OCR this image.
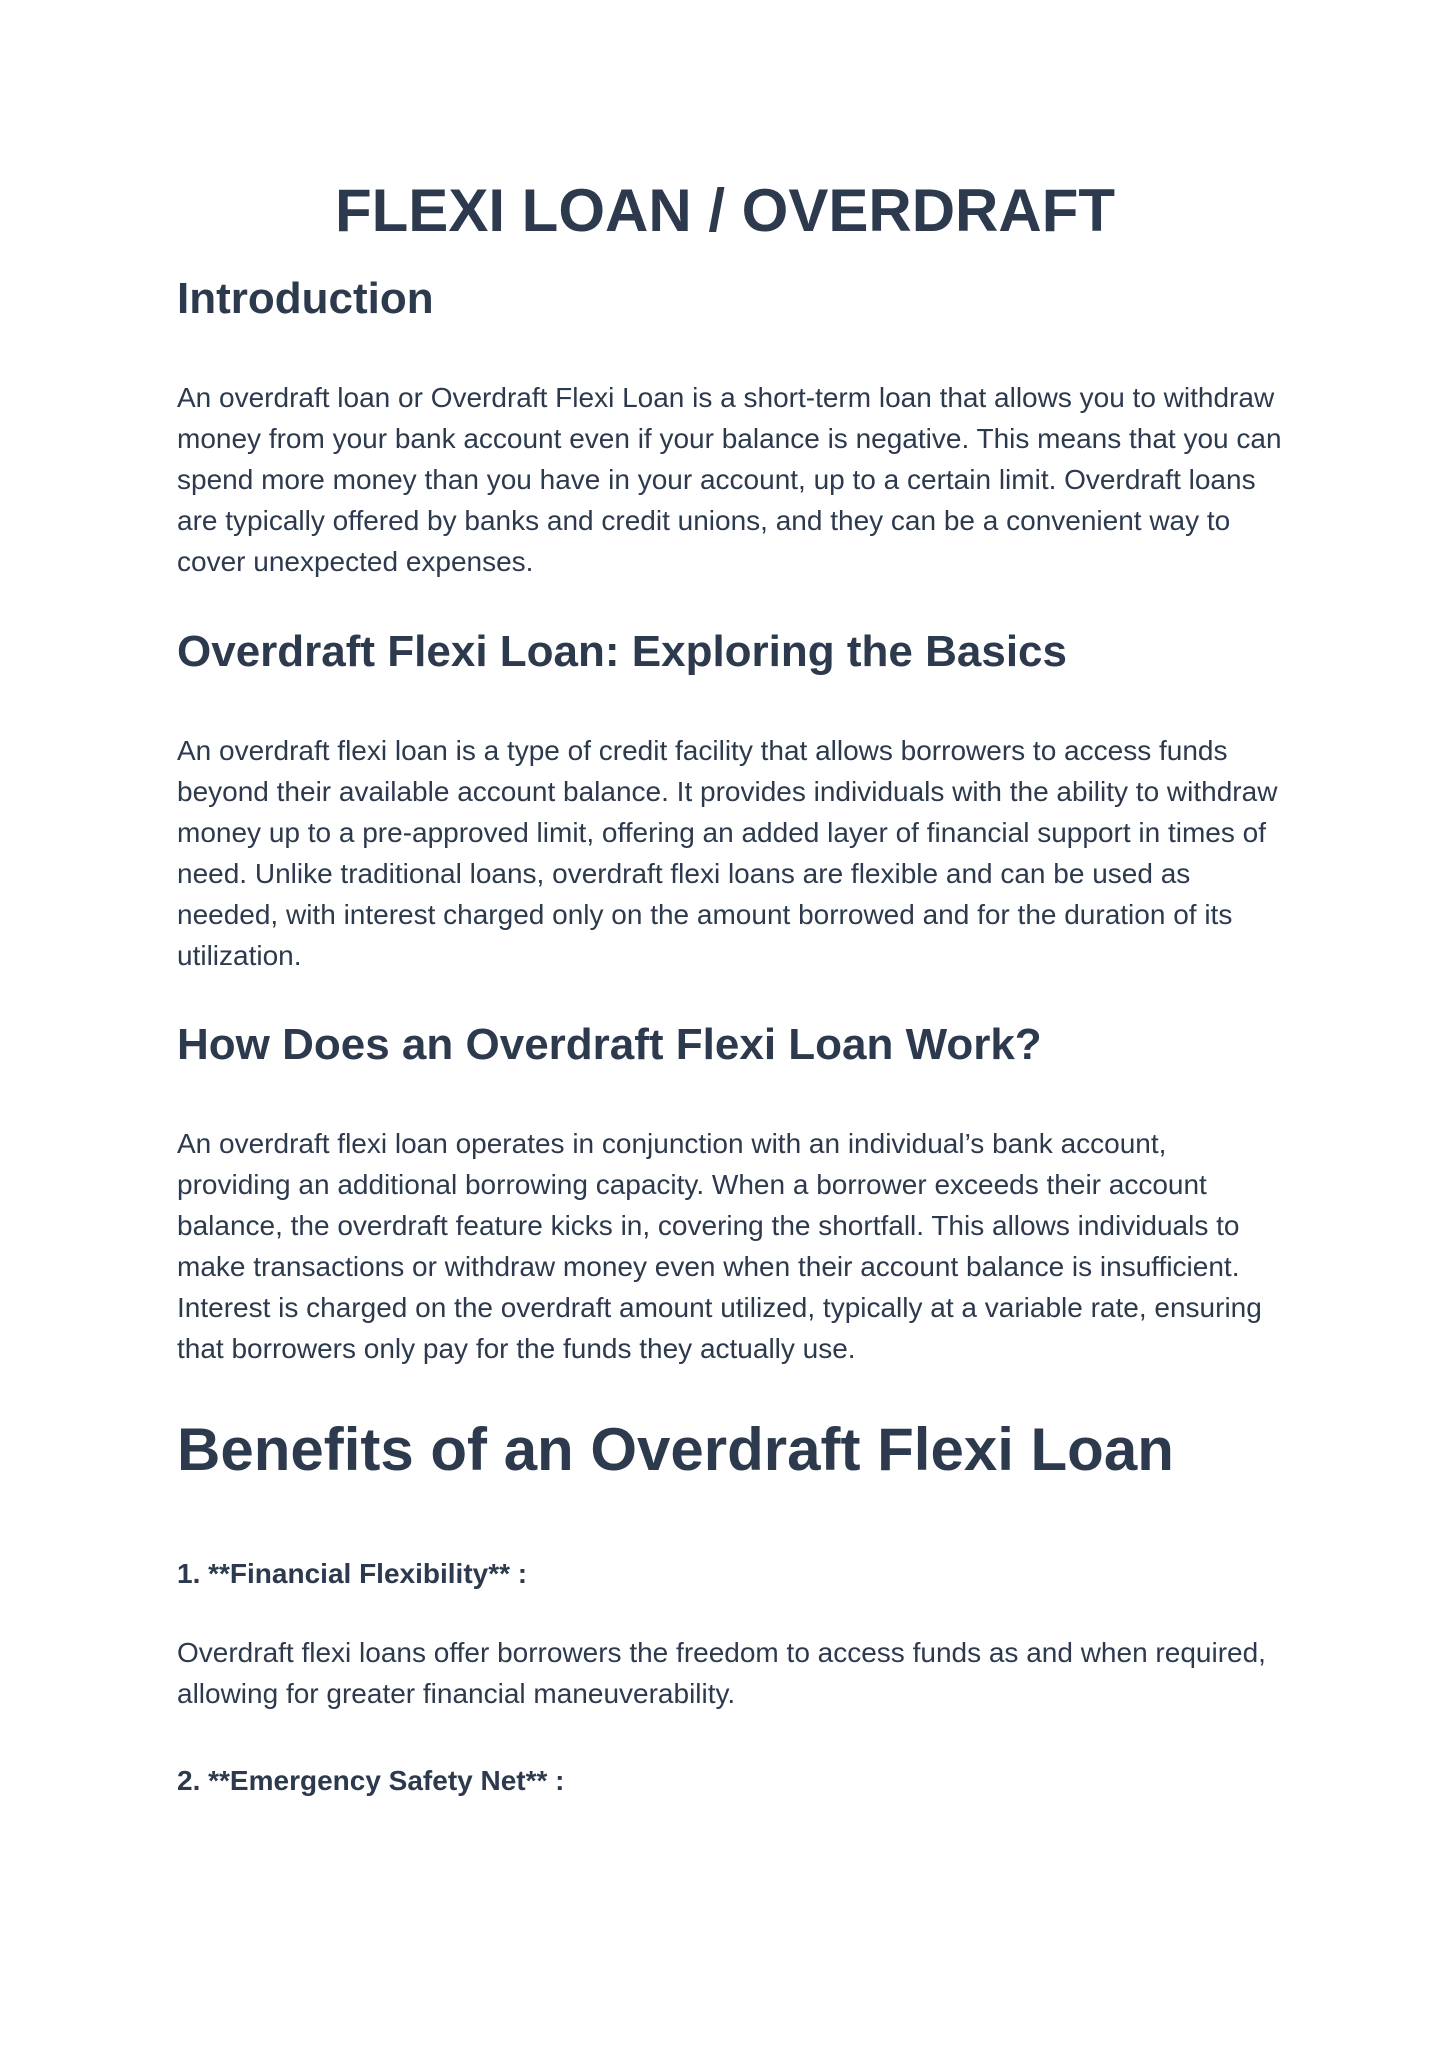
FLEXI LOAN / OVERDRAFT
Introduction

An overdraft loan or Overdraft Flexi Loan is a short-term loan that allows you to withdraw money from your bank account even if your balance is negative. This means that you can spend more money than you have in your account, up to a certain limit. Overdraft loans are typically offered by banks and credit unions, and they can be a convenient way to cover unexpected expenses.

Overdraft Flexi Loan: Exploring the Basics

An overdraft flexi loan is a type of credit facility that allows borrowers to access funds beyond their available account balance. It provides individuals with the ability to withdraw money up to a pre-approved limit, offering an added layer of financial support in times of need. Unlike traditional loans, overdraft flexi loans are flexible and can be used as needed, with interest charged only on the amount borrowed and for the duration of its utilization.

How Does an Overdraft Flexi Loan Work?

An overdraft flexi loan operates in conjunction with an individual’s bank account, providing an additional borrowing capacity. When a borrower exceeds their account balance, the overdraft feature kicks in, covering the shortfall. This allows individuals to make transactions or withdraw money even when their account balance is insufficient. Interest is charged on the overdraft amount utilized, typically at a variable rate, ensuring that borrowers only pay for the funds they actually use.

Benefits of an Overdraft Flexi Loan
1. **Financial Flexibility** :

Overdraft flexi loans offer borrowers the freedom to access funds as and when required, allowing for greater financial maneuverability.

2. **Emergency Safety Net** :
